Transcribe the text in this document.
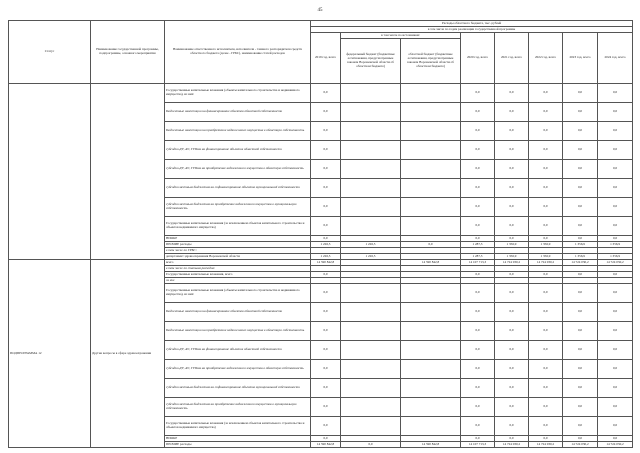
45
Статус	Наименование государственной программы, подпрограммы, основного мероприятия	Наименование ответственного исполнителя, исполнителя - главного распорядителя средств областного бюджета (далее - ГРБС), наименование статей расходов	Расходы областного бюджета, тыс. рублей							
			в том числе по годам реализации государственной программы							
			2019 год, всего	в том числе по источникам:		2020 год, всего	2021 год, всего	2022 год, всего	2023 год, всего	2024 год, всего
				федеральный бюджет (бюджетные ассигнования, предусмотренные законом Воронежской области об областном бюджете)	областной бюджет (бюджетные ассигнования, предусмотренные законом Воронежской области об областном бюджете)					
		Государственные капитальные вложения (объекты капитального строительства и недвижимого имущества), из них:	0,0			0,0	0,0	0,0	0,0	0,0
		Бюджетные инвестиции на финансирование объектов областной собственности	0,0			0,0	0,0	0,0	0,0	0,0
		Бюджетные инвестиции на приобретение недвижимого имущества в областную собственность	0,0			0,0	0,0	0,0	0,0	0,0
		субсидии ДУ, АУ, ГУПам на финансирование объектов областной собственности	0,0			0,0	0,0	0,0	0,0	0,0
		субсидии ДУ, АУ, ГУПам на приобретение недвижимого имущества в областную собственность	0,0			0,0	0,0	0,0	0,0	0,0
		субсидии местным бюджетам на софинансирование объектов муниципальной собственности	0,0			0,0	0,0	0,0	0,0	0,0
		субсидии местным бюджетам на приобретение недвижимого имущества в муниципальную собственность	0,0			0,0	0,0	0,0	0,0	0,0
		Государственные капитальные вложения (за исключением объектов капитального строительства и объектов недвижимого имущества)	0,0			0,0	0,0	0,0	0,0	0,0
		НИОКР	0,0			0,0	0,0	0,0	0,0	0,0
		ПРОЧИЕ расходы	1 226,5	1 226,5	0,0	1 287,3	1 356,9	1 356,9	1 356,9	1 356,9
		в том числе по ГРБС:								
		департамент здравоохранения Воронежской области	1 226,5	1 226,5		1 287,3	1 356,9	1 356,9	1 356,9	1 356,9
ПОДПРОГРАММА 12	Другие вопросы в сфере здравоохранения	всего	14 590 842,8		14 590 842,8	14 107 713,3	14 724 030,2	14 724 030,2	14 724 030,2	14 724 030,2
		в том числе по статьям расходов:								
		Государственные капитальные вложения, всего	0,0			0,0	0,0	0,0	0,0	0,0
		из них								
		Государственные капитальные вложения (объекты капитального строительства и недвижимого имущества), из них:	0,0			0,0	0,0	0,0	0,0	0,0
		Бюджетные инвестиции на финансирование объектов областной собственности	0,0			0,0	0,0	0,0	0,0	0,0
		Бюджетные инвестиции на приобретение недвижимого имущества в областную собственность	0,0			0,0	0,0	0,0	0,0	0,0
		субсидии ДУ, АУ, ГУПам на финансирование объектов областной собственности	0,0			0,0	0,0	0,0	0,0	0,0
		субсидии ДУ, АУ, ГУПам на приобретение недвижимого имущества в областную собственность	0,0			0,0	0,0	0,0	0,0	0,0
		субсидии местным бюджетам на софинансирование объектов муниципальной собственности	0,0			0,0	0,0	0,0	0,0	0,0
		субсидии местным бюджетам на приобретение недвижимого имущества в муниципальную собственность	0,0			0,0	0,0	0,0	0,0	0,0
		Государственные капитальные вложения (за исключением объектов капитального строительства и объектов недвижимого имущества)	0,0			0,0	0,0	0,0	0,0	0,0
		НИОКР	0,0			0,0	0,0	0,0	0,0	0,0
		ПРОЧИЕ расходы	14 590 842,8	0,0	14 590 842,8	14 107 713,3	14 724 030,2	14 724 030,2	14 724 030,2	14 724 030,2
